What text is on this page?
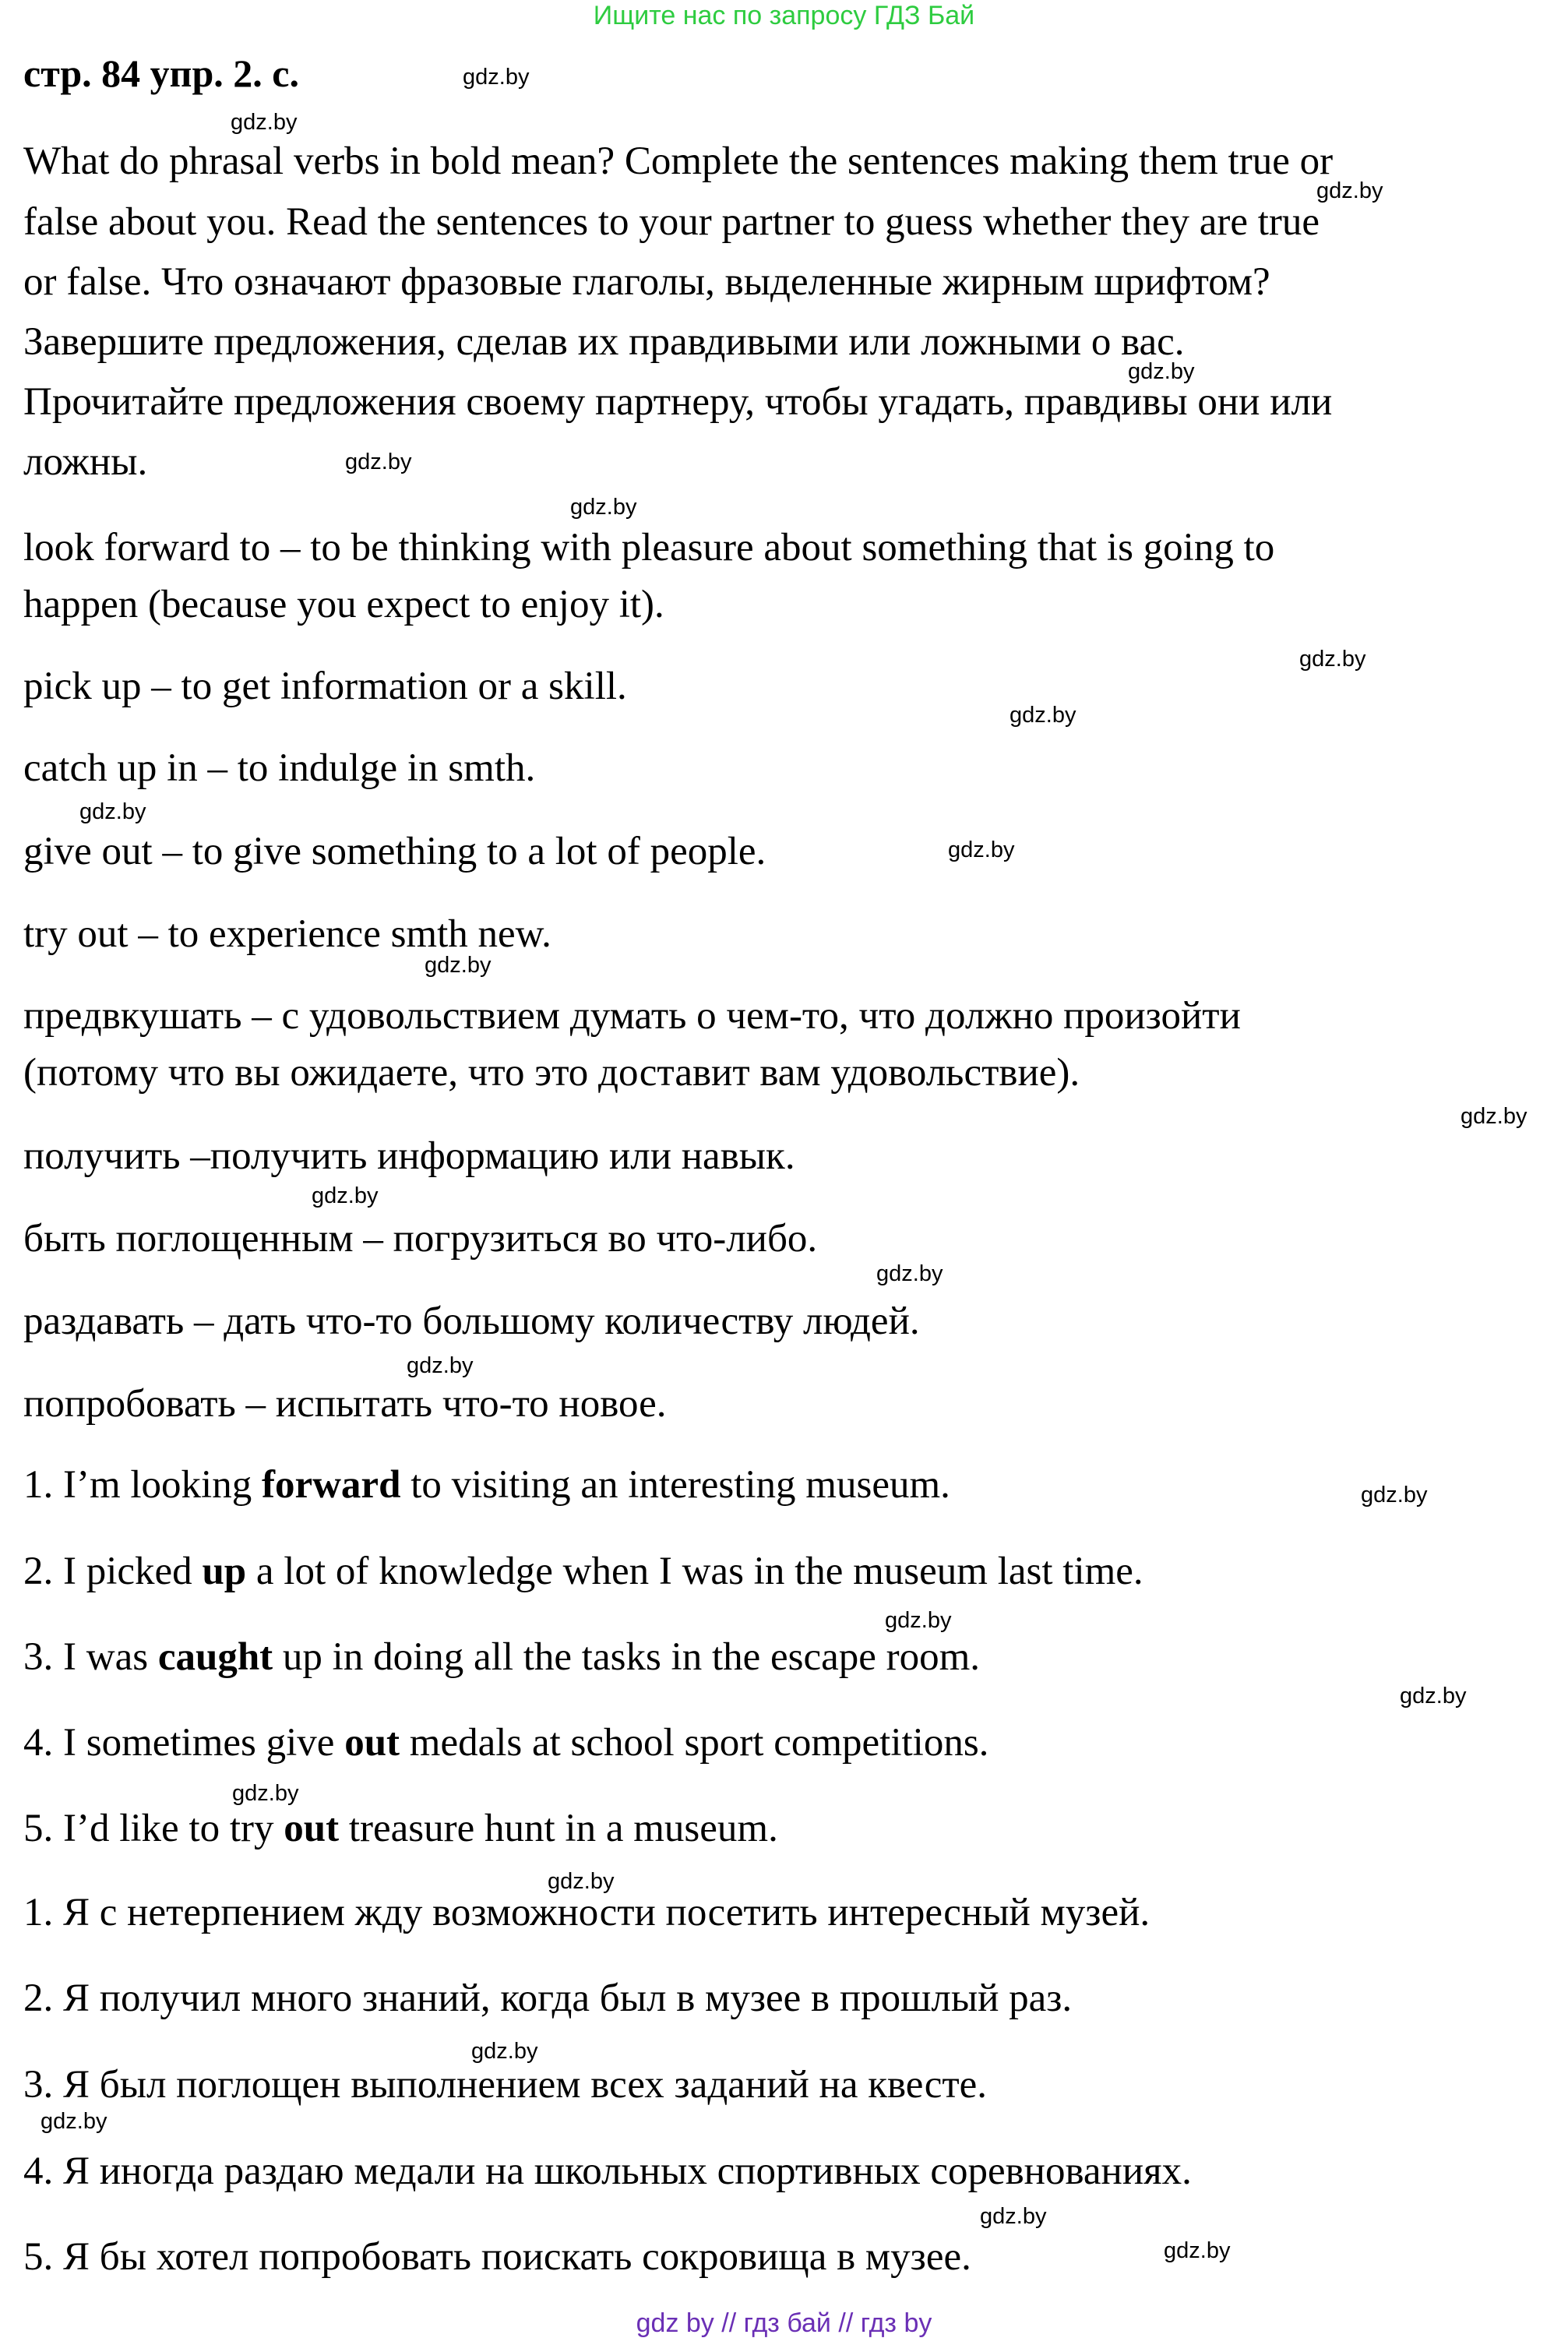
Ищите нас по запросу ГДЗ Бай
стр. 84 упр. 2. с.
What do phrasal verbs in bold mean? Complete the sentences making them true or
false about you. Read the sentences to your partner to guess whether they are true
or false. Что означают фразовые глаголы, выделенные жирным шрифтом?
Завершите предложения, сделав их правдивыми или ложными о вас.
Прочитайте предложения своему партнеру, чтобы угадать, правдивы они или
ложны.
look forward to – to be thinking with pleasure about something that is going to
happen (because you expect to enjoy it).
pick up – to get information or a skill.
catch up in – to indulge in smth.
give out – to give something to a lot of people.
try out – to experience smth new.
предвкушать – с удовольствием думать о чем-то, что должно произойти
(потому что вы ожидаете, что это доставит вам удовольствие).
получить –получить информацию или навык.
быть поглощенным – погрузиться во что-либо.
раздавать – дать что-то большому количеству людей.
попробовать – испытать что-то новое.
1. I’m looking forward to visiting an interesting museum.
2. I picked up a lot of knowledge when I was in the museum last time.
3. I was caught up in doing all the tasks in the escape room.
4. I sometimes give out medals at school sport competitions.
5. I’d like to try out treasure hunt in a museum.
1. Я с нетерпением жду возможности посетить интересный музей.
2. Я получил много знаний, когда был в музее в прошлый раз.
3. Я был поглощен выполнением всех заданий на квесте.
4. Я иногда раздаю медали на школьных спортивных соревнованиях.
5. Я бы хотел попробовать поискать сокровища в музее.
gdz.by
gdz.by
gdz.by
gdz.by
gdz.by
gdz.by
gdz.by
gdz.by
gdz.by
gdz.by
gdz.by
gdz.by
gdz.by
gdz.by
gdz.by
gdz.by
gdz.by
gdz.by
gdz.by
gdz.by
gdz.by
gdz.by
gdz.by
gdz.by
gdz by // гдз бай // гдз by
